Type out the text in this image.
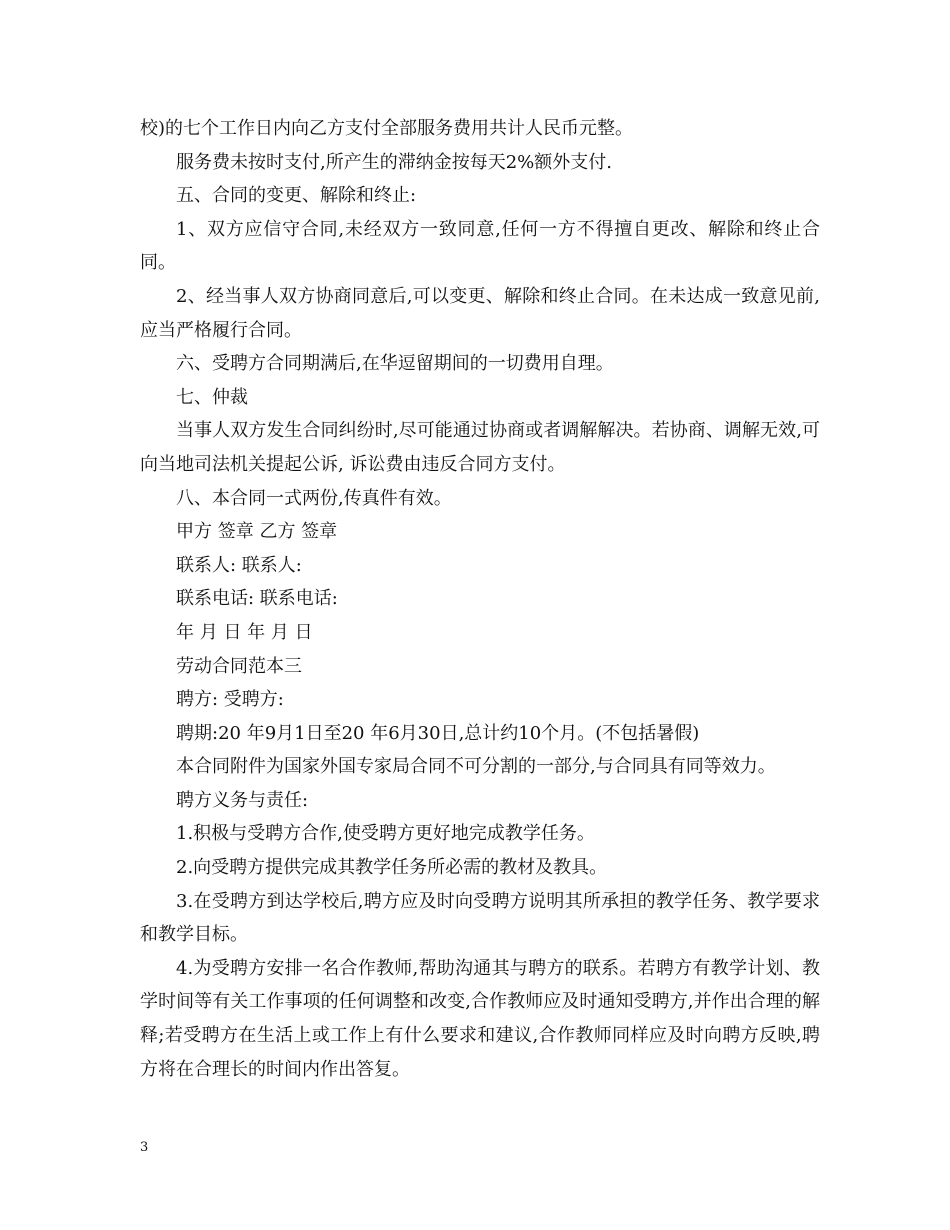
校)的七个工作日内向乙方支付全部服务费用共计人民币元整。

服务费未按时支付,所产生的滞纳金按每天2%额外支付.

五、合同的变更、解除和终止:

1、双方应信守合同,未经双方一致同意,任何一方不得擅自更改、解除和终止合同。

2、经当事人双方协商同意后,可以变更、解除和终止合同。在未达成一致意见前,应当严格履行合同。

六、受聘方合同期满后,在华逗留期间的一切费用自理。

七、仲裁

当事人双方发生合同纠纷时,尽可能通过协商或者调解解决。若协商、调解无效,可向当地司法机关提起公诉, 诉讼费由违反合同方支付。

八、本合同一式两份,传真件有效。

甲方 签章 乙方 签章

联系人: 联系人:

联系电话: 联系电话:

年 月 日 年 月 日

劳动合同范本三

聘方: 受聘方:

聘期:20 年9月1日至20 年6月30日,总计约10个月。(不包括暑假)

本合同附件为国家外国专家局合同不可分割的一部分,与合同具有同等效力。

聘方义务与责任:

1.积极与受聘方合作,使受聘方更好地完成教学任务。

2.向受聘方提供完成其教学任务所必需的教材及教具。

3.在受聘方到达学校后,聘方应及时向受聘方说明其所承担的教学任务、教学要求和教学目标。

4.为受聘方安排一名合作教师,帮助沟通其与聘方的联系。若聘方有教学计划、教学时间等有关工作事项的任何调整和改变,合作教师应及时通知受聘方,并作出合理的解释;若受聘方在生活上或工作上有什么要求和建议,合作教师同样应及时向聘方反映,聘方将在合理长的时间内作出答复。

3
